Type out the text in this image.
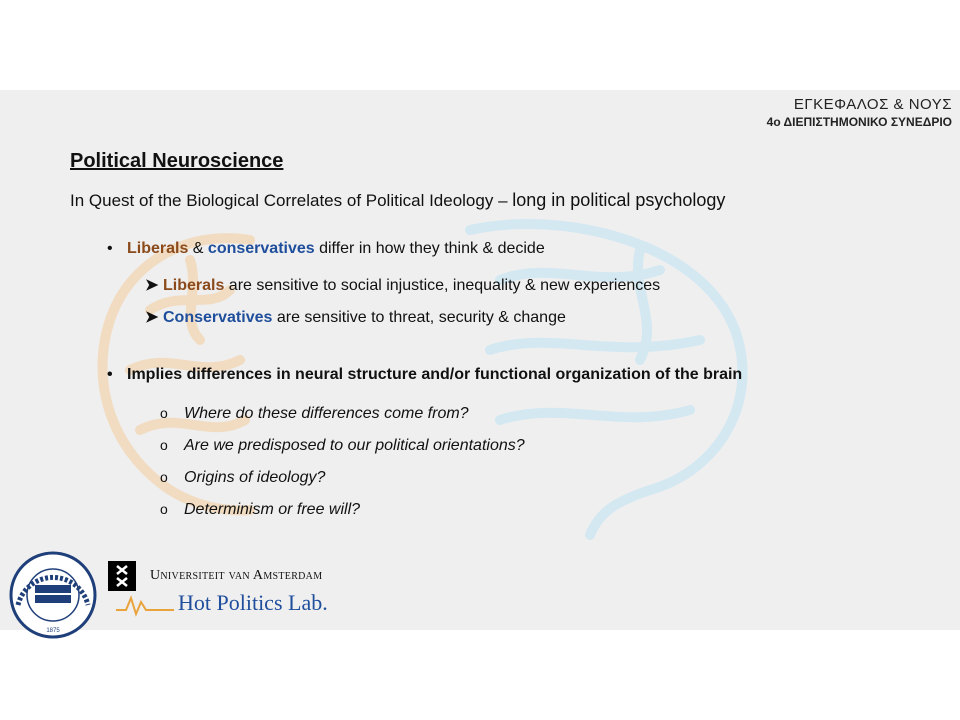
ΕΓΚΕΦΑΛΟΣ & ΝΟΥΣ
4ο ΔΙΕΠΙΣΤΗΜΟΝΙΚΟ ΣΥΝΕΔΡΙΟ
Political Neuroscience
In Quest of the Biological Correlates of Political Ideology – long in political psychology
• Liberals & conservatives differ in how they think & decide
➤ Liberals are sensitive to social injustice, inequality & new experiences
➤ Conservatives are sensitive to threat, security & change
• Implies differences in neural structure and/or functional organization of the brain
o Where do these differences come from?
o Are we predisposed to our political orientations?
o Origins of ideology?
o Determinism or free will?
1875
Universiteit van Amsterdam
Hot Politics Lab.
